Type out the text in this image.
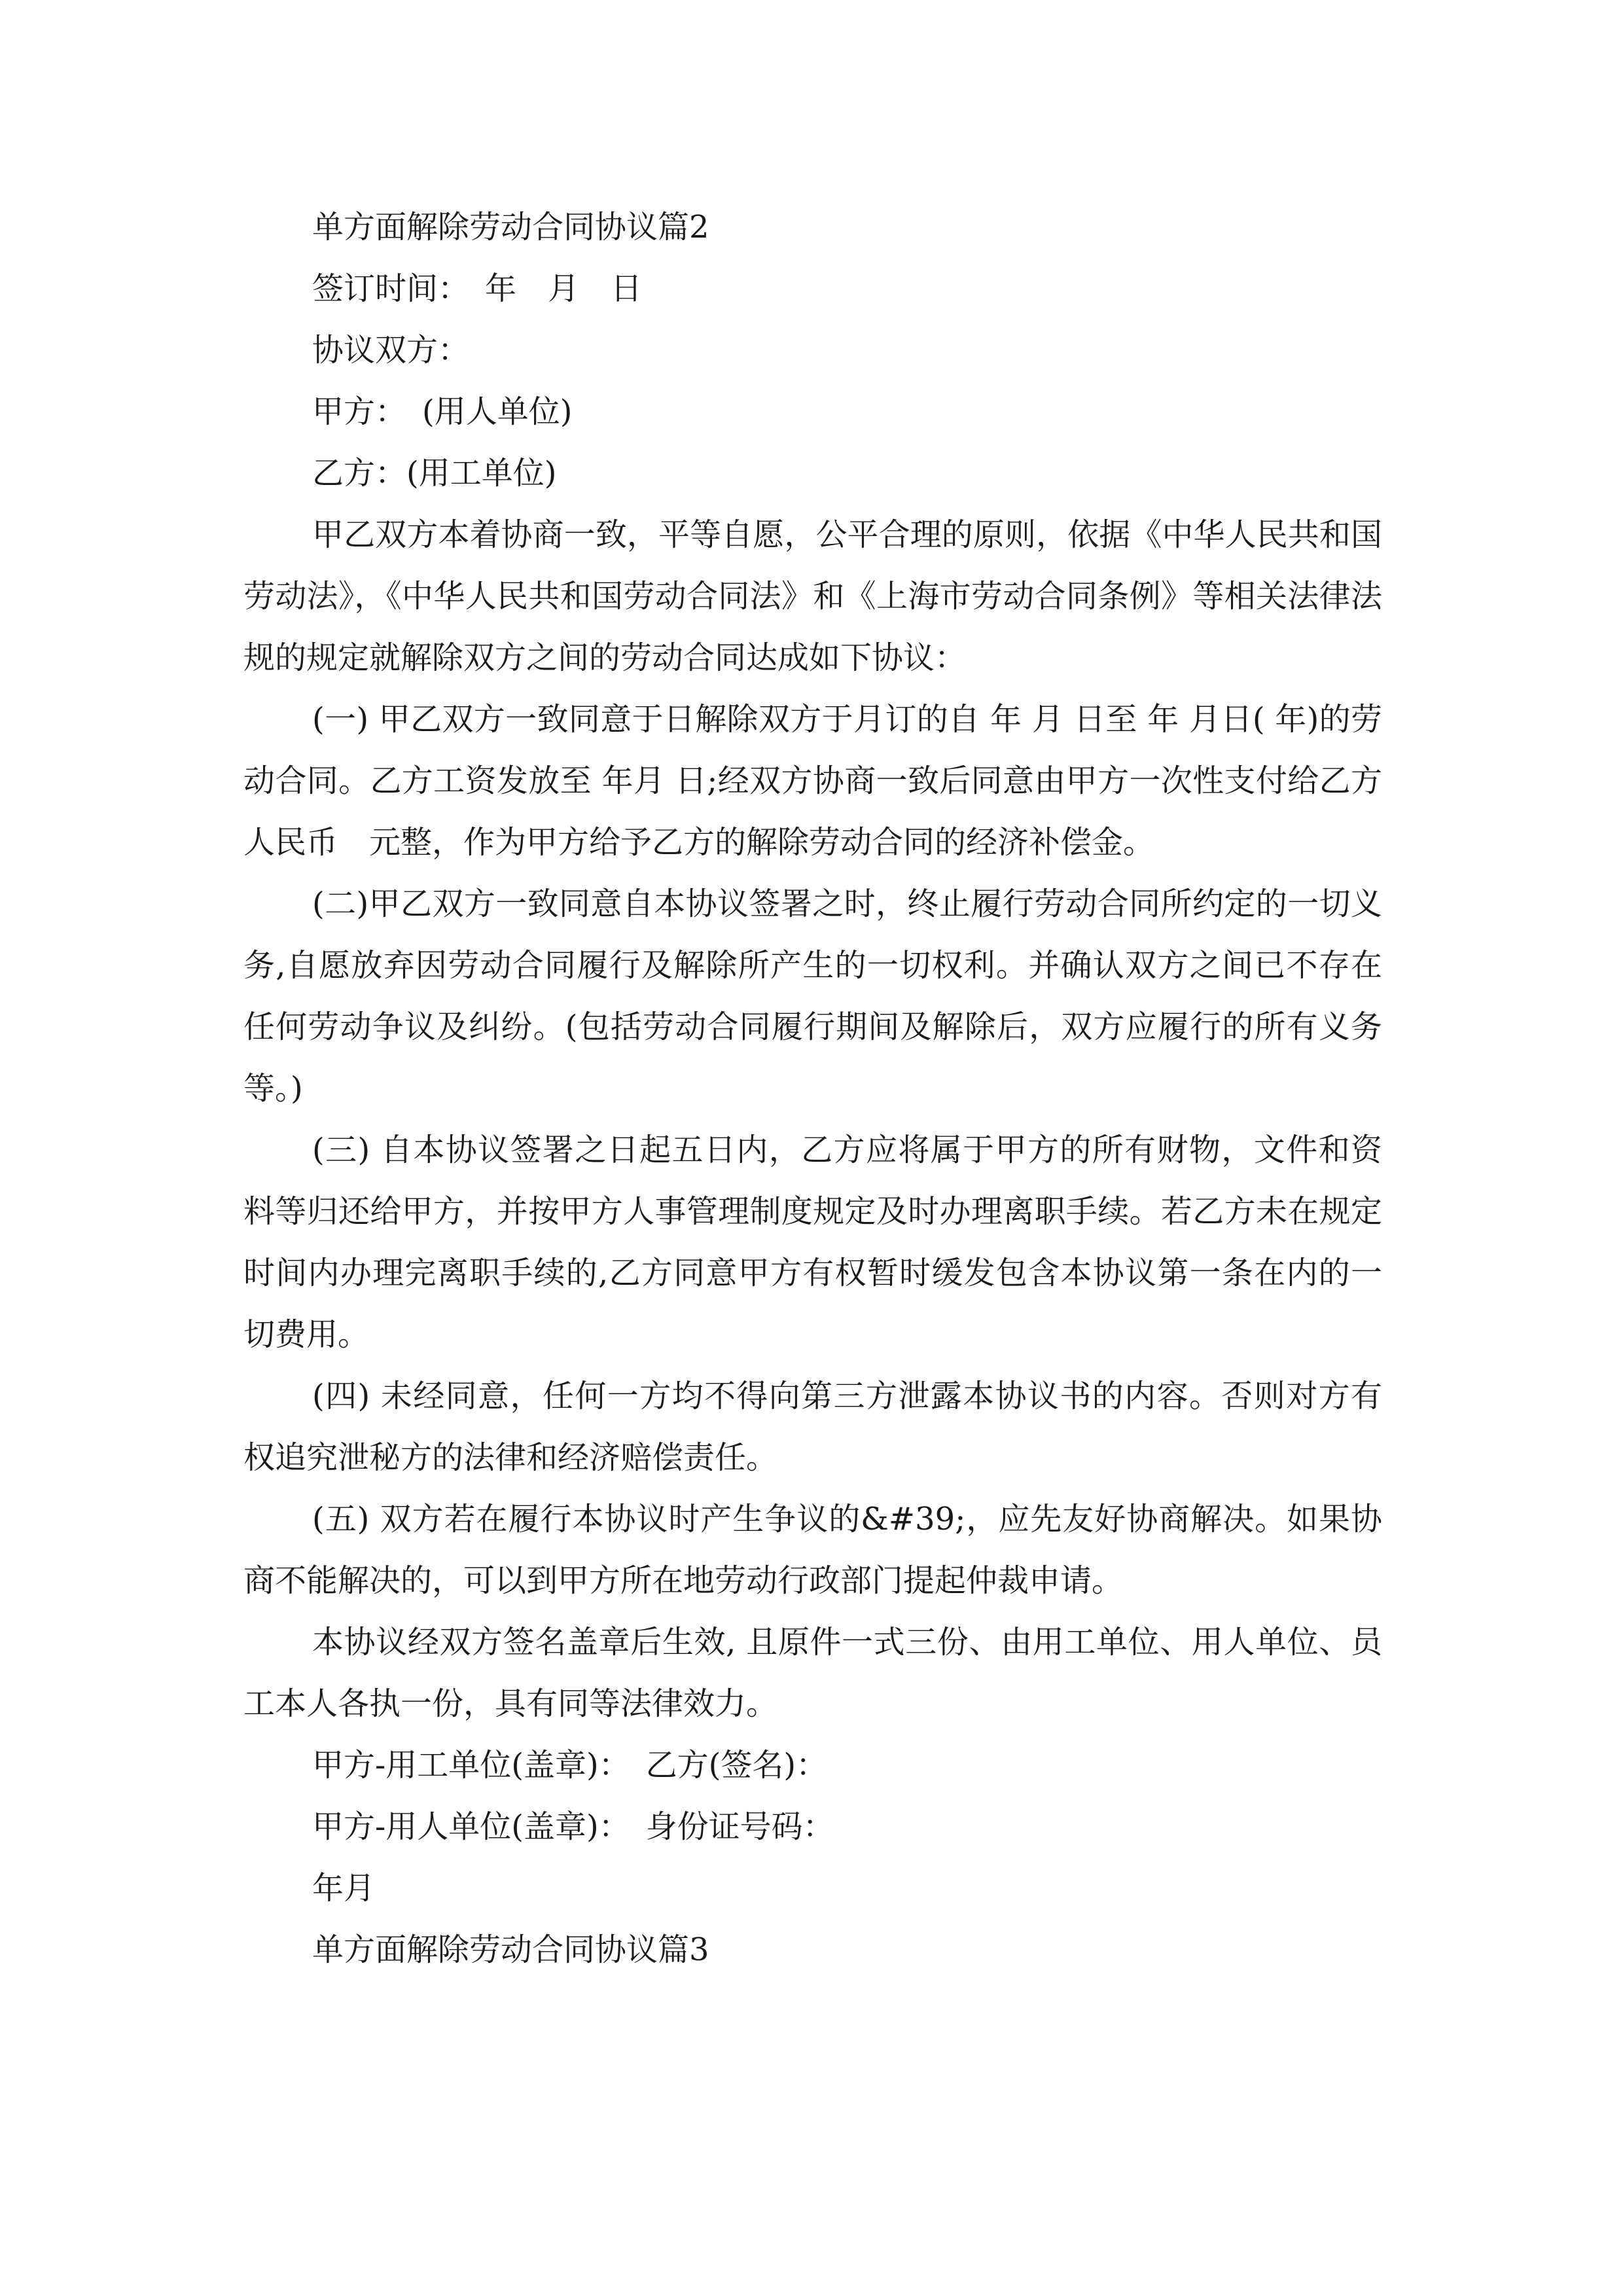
单方面解除劳动合同协议篇2

签订时间：　年　月　日

协议双方：

甲方：　(用人单位)

乙方：(用工单位)

甲乙双方本着协商一致，平等自愿，公平合理的原则，依据《中华人民共和国劳动法》，《中华人民共和国劳动合同法》和《上海市劳动合同条例》等相关法律法规的规定就解除双方之间的劳动合同达成如下协议：

(一) 甲乙双方一致同意于日解除双方于月订的自 年 月 日至 年 月日( 年)的劳动合同。乙方工资发放至 年月 日;经双方协商一致后同意由甲方一次性支付给乙方人民币　元整，作为甲方给予乙方的解除劳动合同的经济补偿金。

(二)甲乙双方一致同意自本协议签署之时，终止履行劳动合同所约定的一切义务,自愿放弃因劳动合同履行及解除所产生的一切权利。并确认双方之间已不存在任何劳动争议及纠纷。(包括劳动合同履行期间及解除后，双方应履行的所有义务等。)

(三) 自本协议签署之日起五日内，乙方应将属于甲方的所有财物，文件和资料等归还给甲方，并按甲方人事管理制度规定及时办理离职手续。若乙方未在规定时间内办理完离职手续的,乙方同意甲方有权暂时缓发包含本协议第一条在内的一切费用。

(四) 未经同意，任何一方均不得向第三方泄露本协议书的内容。否则对方有权追究泄秘方的法律和经济赔偿责任。

(五) 双方若在履行本协议时产生争议的&#39;，应先友好协商解决。如果协商不能解决的，可以到甲方所在地劳动行政部门提起仲裁申请。

本协议经双方签名盖章后生效, 且原件一式三份、由用工单位、用人单位、员工本人各执一份，具有同等法律效力。

甲方-用工单位(盖章)：　乙方(签名)：

甲方-用人单位(盖章)：　身份证号码：

年月

单方面解除劳动合同协议篇3
